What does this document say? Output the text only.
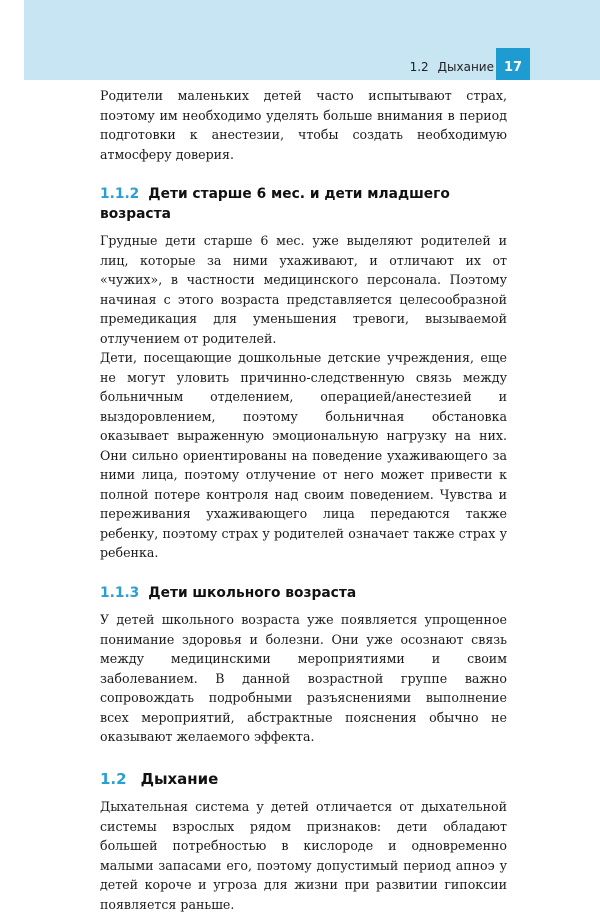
1.2 Дыхание 17

Родители маленьких детей часто испытывают страх, поэтому им необходимо уделять больше внимания в период подготовки к анестезии, чтобы создать необходимую атмосферу доверия.

1.1.2 Дети старше 6 мес. и дети младшего возраста

Грудные дети старше 6 мес. уже выделяют родителей и лиц, которые за ними ухаживают, и отличают их от «чужих», в частности медицинского персонала. Поэтому начиная с этого возраста представляется целесообразной премедикация для уменьшения тревоги, вызываемой отлучением от родителей.

Дети, посещающие дошкольные детские учреждения, еще не могут уловить причинно-следственную связь между больничным отделением, операцией/анестезией и выздоровлением, поэтому больничная обстановка оказывает выраженную эмоциональную нагрузку на них. Они сильно ориентированы на поведение ухаживающего за ними лица, поэтому отлучение от него может привести к полной потере контроля над своим поведением. Чувства и переживания ухаживающего лица передаются также ребенку, поэтому страх у родителей означает также страх у ребенка.

1.1.3 Дети школьного возраста

У детей школьного возраста уже появляется упрощенное понимание здоровья и болезни. Они уже осознают связь между медицинскими мероприятиями и своим заболеванием. В данной возрастной группе важно сопровождать подробными разъяснениями выполнение всех мероприятий, абстрактные пояснения обычно не оказывают желаемого эффекта.

1.2 Дыхание

Дыхательная система у детей отличается от дыхательной системы взрослых рядом признаков: дети обладают большей потребностью в кислороде и одновременно малыми запасами его, поэтому допустимый период апноэ у детей короче и угроза для жизни при развитии гипоксии появляется раньше.
